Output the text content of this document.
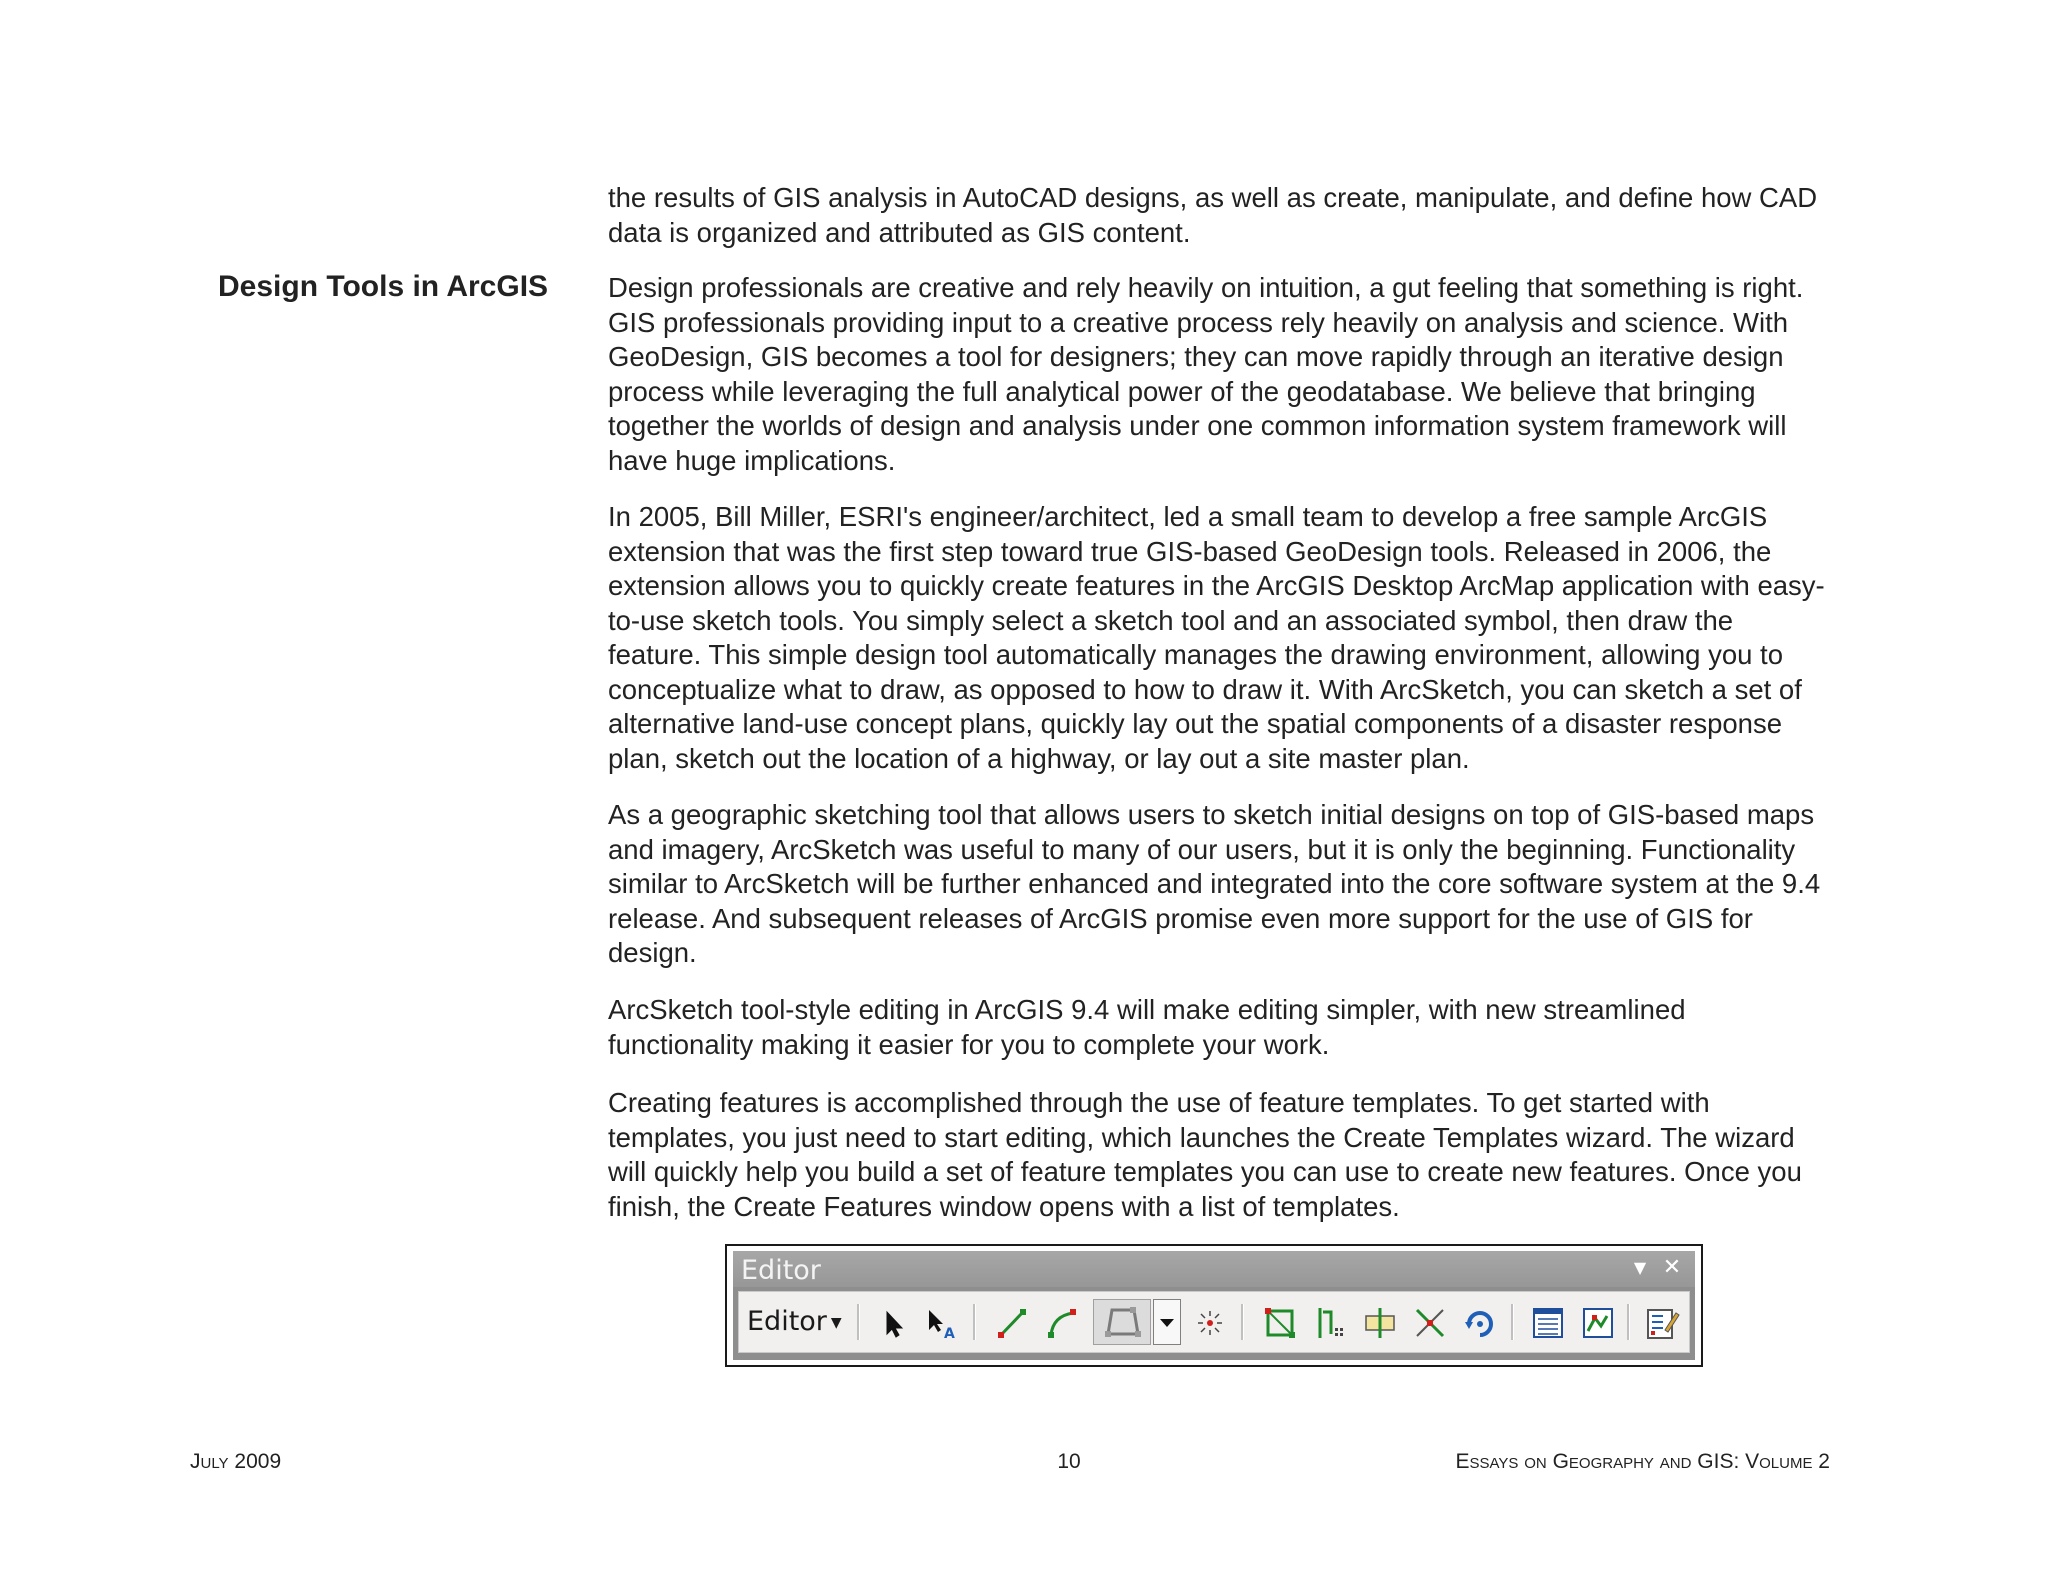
the results of GIS analysis in AutoCAD designs, as well as create, manipulate, and define how CAD data is organized and attributed as GIS content.

Design Tools in ArcGIS Design professionals are creative and rely heavily on intuition, a gut feeling that something is right. GIS professionals providing input to a creative process rely heavily on analysis and science. With GeoDesign, GIS becomes a tool for designers; they can move rapidly through an iterative design process while leveraging the full analytical power of the geodatabase. We believe that bringing together the worlds of design and analysis under one common information system framework will have huge implications.

In 2005, Bill Miller, ESRI's engineer/architect, led a small team to develop a free sample ArcGIS extension that was the first step toward true GIS-based GeoDesign tools. Released in 2006, the extension allows you to quickly create features in the ArcGIS Desktop ArcMap application with easy-to-use sketch tools. You simply select a sketch tool and an associated symbol, then draw the feature. This simple design tool automatically manages the drawing environment, allowing you to conceptualize what to draw, as opposed to how to draw it. With ArcSketch, you can sketch a set of alternative land-use concept plans, quickly lay out the spatial components of a disaster response plan, sketch out the location of a highway, or lay out a site master plan.

As a geographic sketching tool that allows users to sketch initial designs on top of GIS-based maps and imagery, ArcSketch was useful to many of our users, but it is only the beginning. Functionality similar to ArcSketch will be further enhanced and integrated into the core software system at the 9.4 release. And subsequent releases of ArcGIS promise even more support for the use of GIS for design.

ArcSketch tool-style editing in ArcGIS 9.4 will make editing simpler, with new streamlined functionality making it easier for you to complete your work.

Creating features is accomplished through the use of feature templates. To get started with templates, you just need to start editing, which launches the Create Templates wizard. The wizard will quickly help you build a set of feature templates you can use to create new features. Once you finish, the Create Features window opens with a list of templates.

Editor	▼ ✕
Editor ▼
A
July 2009	10	Essays on Geography and GIS: Volume 2
